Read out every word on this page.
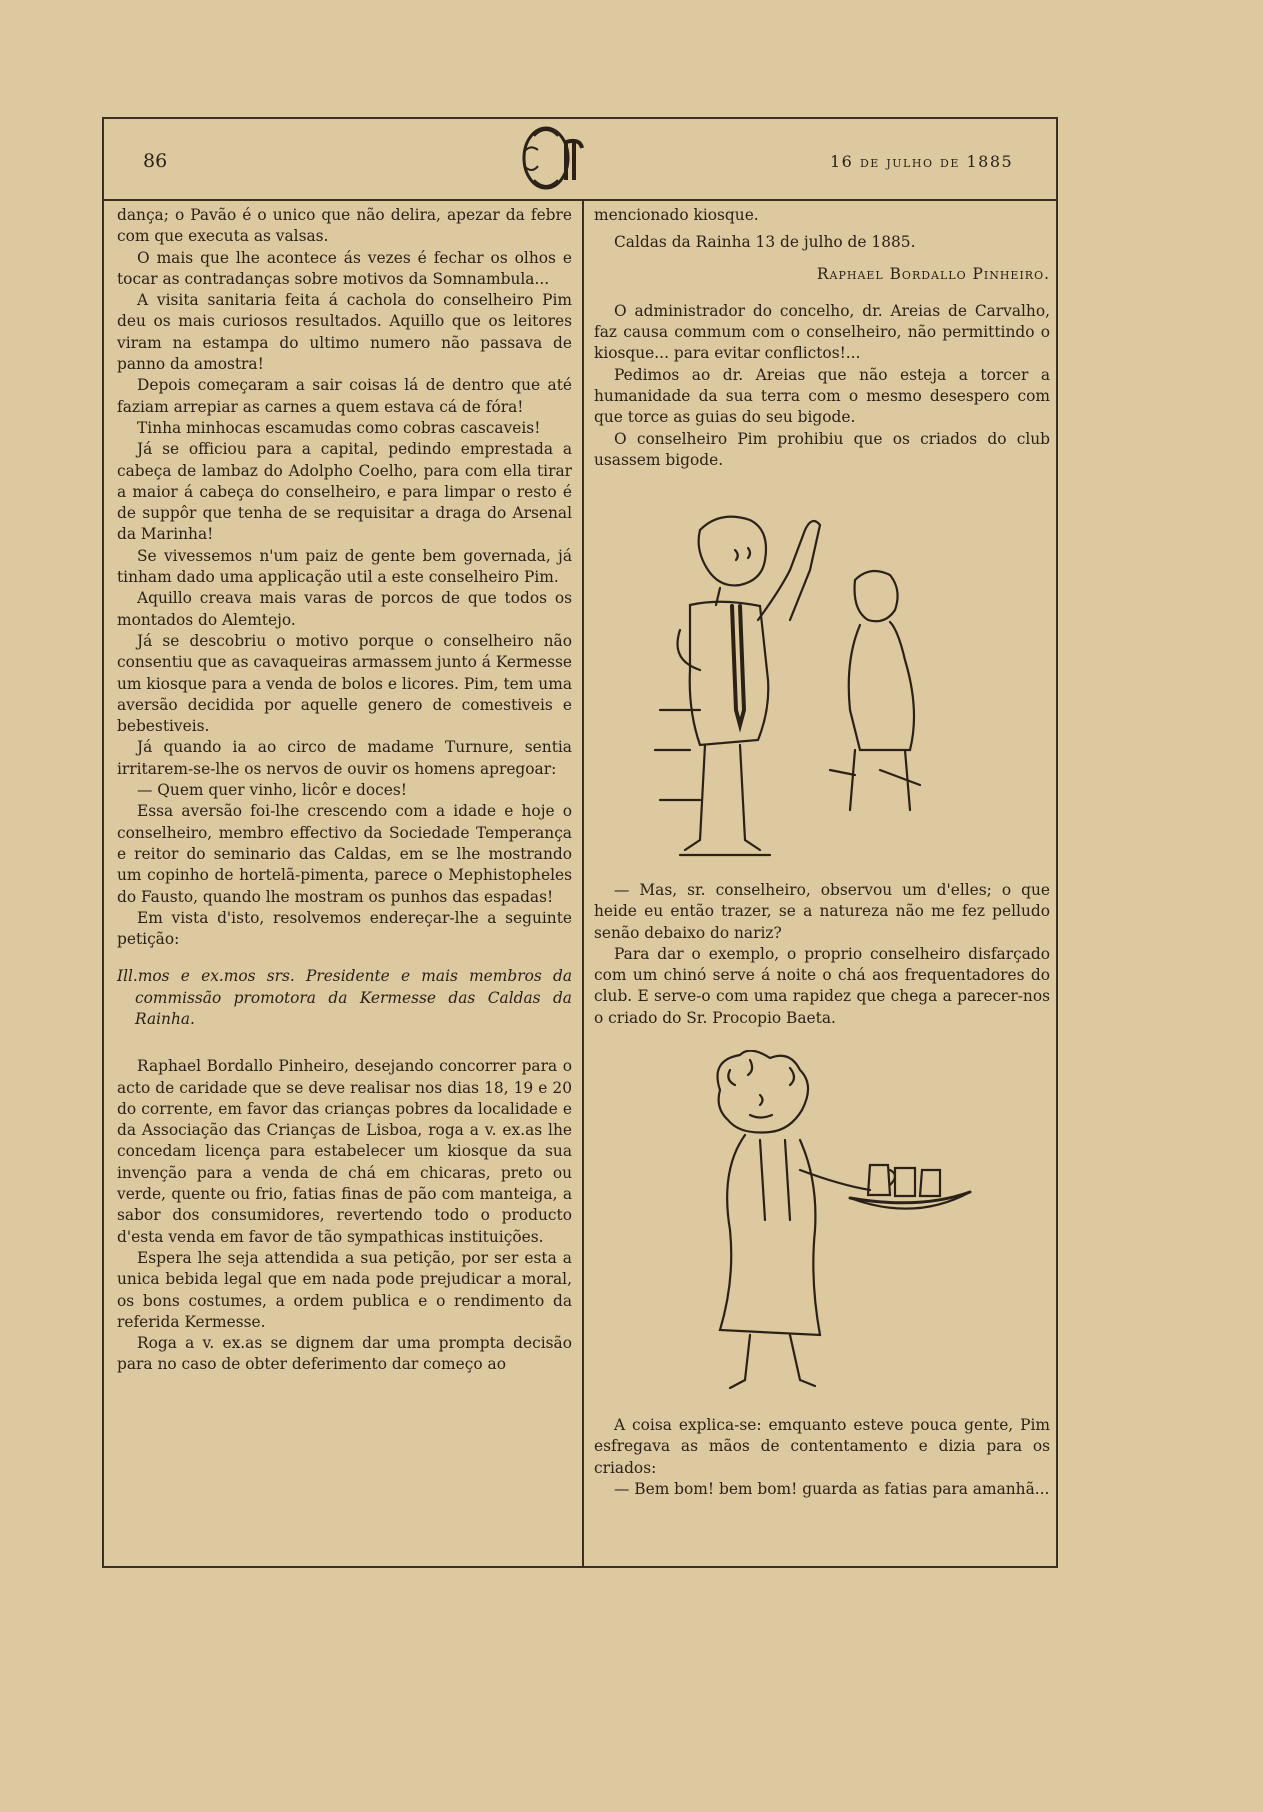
86	16 de julho de 1885

dança; o Pavão é o unico que não delira, apezar da febre com que executa as valsas.

O mais que lhe acontece ás vezes é fechar os olhos e tocar as contradanças sobre motivos da Somnambula...

A visita sanitaria feita á cachola do conselheiro Pim deu os mais curiosos resultados. Aquillo que os leitores viram na estampa do ultimo numero não passava de panno da amostra!

Depois começaram a sair coisas lá de dentro que até faziam arrepiar as carnes a quem estava cá de fóra!

Tinha minhocas escamudas como cobras cascaveis!

Já se officiou para a capital, pedindo emprestada a cabeça de lambaz do Adolpho Coelho, para com ella tirar a maior á cabeça do conselheiro, e para limpar o resto é de suppôr que tenha de se requisitar a draga do Arsenal da Marinha!

Se vivessemos n'um paiz de gente bem governada, já tinham dado uma applicação util a este conselheiro Pim.

Aquillo creava mais varas de porcos de que todos os montados do Alemtejo.

Já se descobriu o motivo porque o conselheiro não consentiu que as cavaqueiras armassem junto á Kermesse um kiosque para a venda de bolos e licores. Pim, tem uma aversão decidida por aquelle genero de comestiveis e bebestiveis.

Já quando ia ao circo de madame Turnure, sentia irritarem-se-lhe os nervos de ouvir os homens apregoar:

— Quem quer vinho, licôr e doces!

Essa aversão foi-lhe crescendo com a idade e hoje o conselheiro, membro effectivo da Sociedade Temperança e reitor do seminario das Caldas, em se lhe mostrando um copinho de hortelã-pimenta, parece o Mephistopheles do Fausto, quando lhe mostram os punhos das espadas!

Em vista d'isto, resolvemos endereçar-lhe a seguinte petição:

Ill.mos e ex.mos srs. Presidente e mais membros da commissão promotora da Kermesse das Caldas da Rainha.

Raphael Bordallo Pinheiro, desejando concorrer para o acto de caridade que se deve realisar nos dias 18, 19 e 20 do corrente, em favor das crianças pobres da localidade e da Associação das Crianças de Lisboa, roga a v. ex.as lhe concedam licença para estabelecer um kiosque da sua invenção para a venda de chá em chicaras, preto ou verde, quente ou frio, fatias finas de pão com manteiga, a sabor dos consumidores, revertendo todo o producto d'esta venda em favor de tão sympathicas instituições.

Espera lhe seja attendida a sua petição, por ser esta a unica bebida legal que em nada pode prejudicar a moral, os bons costumes, a ordem publica e o rendimento da referida Kermesse.

Roga a v. ex.as se dignem dar uma prompta decisão para no caso de obter deferimento dar começo ao

mencionado kiosque.

Caldas da Rainha 13 de julho de 1885.

Raphael Bordallo Pinheiro.

O administrador do concelho, dr. Areias de Carvalho, faz causa commum com o conselheiro, não permittindo o kiosque... para evitar conflictos!...

Pedimos ao dr. Areias que não esteja a torcer a humanidade da sua terra com o mesmo desespero com que torce as guias do seu bigode.

O conselheiro Pim prohibiu que os criados do club usassem bigode.

— Mas, sr. conselheiro, observou um d'elles; o que heide eu então trazer, se a natureza não me fez pelludo senão debaixo do nariz?

Para dar o exemplo, o proprio conselheiro disfarçado com um chinó serve á noite o chá aos frequentadores do club. E serve-o com uma rapidez que chega a parecer-nos o criado do Sr. Procopio Baeta.

A coisa explica-se: emquanto esteve pouca gente, Pim esfregava as mãos de contentamento e dizia para os criados:

— Bem bom! bem bom! guarda as fatias para amanhã...
